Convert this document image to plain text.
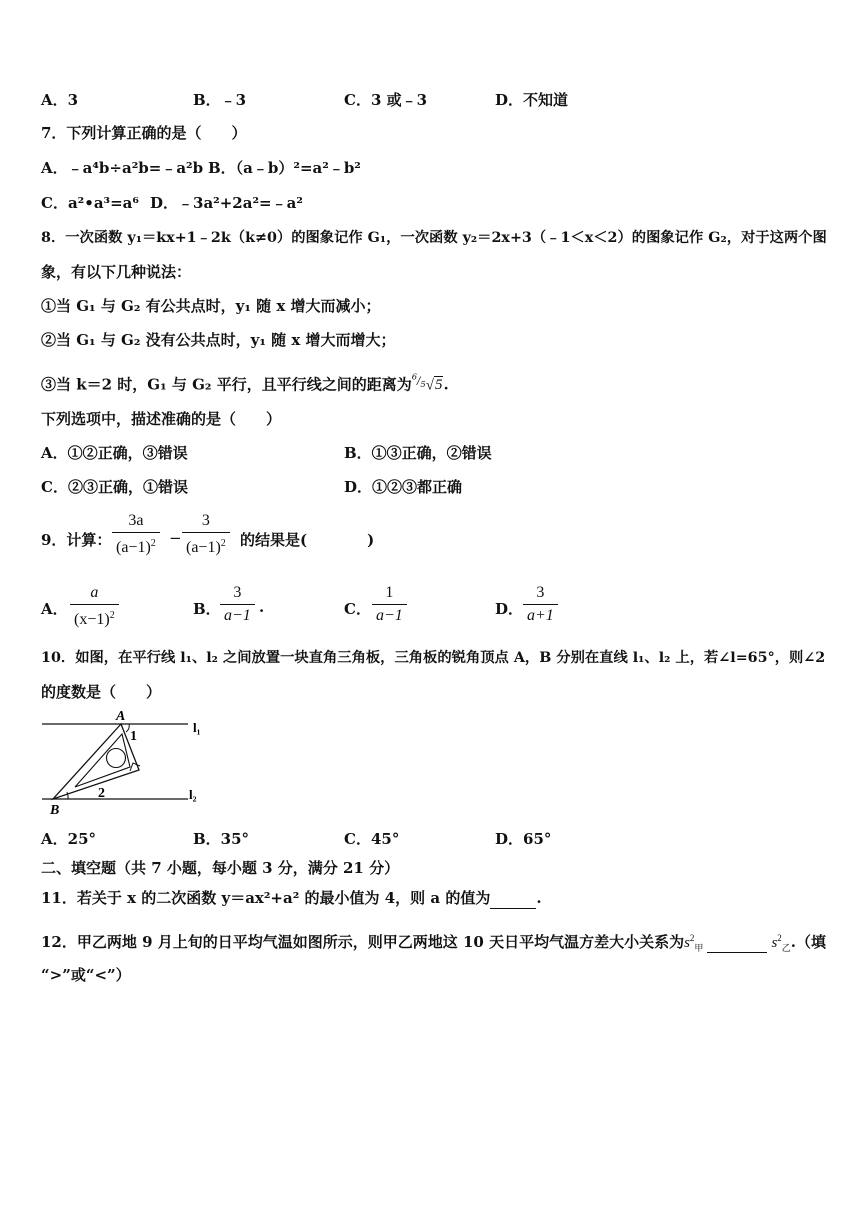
A．3	B．﹣3	C．3 或﹣3	D．不知道
7．下列计算正确的是（　　）
A．﹣a⁴b÷a²b=﹣a²b B．（a﹣b）²=a²﹣b²
C．a²•a³=a⁶ D．﹣3a²+2a²=﹣a²
8．一次函数 y₁＝kx+1﹣2k（k≠0）的图象记作 G₁，一次函数 y₂＝2x+3（﹣1＜x＜2）的图象记作 G₂，对于这两个图
象，有以下几种说法：
①当 G₁ 与 G₂ 有公共点时，y₁ 随 x 增大而减小；
②当 G₁ 与 G₂ 没有公共点时，y₁ 随 x 增大而增大；
③当 k＝2 时，G₁ 与 G₂ 平行，且平行线之间的距离为$^{^6/_5}$√5.
下列选项中，描述准确的是（　　）
A．①②正确，③错误	B．①③正确，②错误
C．②③正确，①错误	D．①②③都正确
9．计算： $\frac{3a}{(a-1)^2} - \frac{3}{(a-1)^2}$ 的结果是(　　　　)
A． $\frac{a}{(x-1)^2}$	B． $\frac{3}{a-1}$ .	C． $\frac{1}{a-1}$	D． $\frac{3}{a+1}$
10．如图，在平行线 l₁、l₂ 之间放置一块直角三角板，三角板的锐角顶点 A，B 分别在直线 l₁、l₂ 上，若∠l=65°，则∠2
的度数是（　　）
A
B
1
2
l₁
l₂
A．25°	B．35°	C．45°	D．65°
二、填空题（共 7 小题，每小题 3 分，满分 21 分）
11．若关于 x 的二次函数 y＝ax²+a² 的最小值为 4，则 a 的值为	.
12．甲乙两地 9 月上旬的日平均气温如图所示，则甲乙两地这 10 天日平均气温方差大小关系为$s^2_甲$	$s^2_乙$.（填
“>”或“<”）
